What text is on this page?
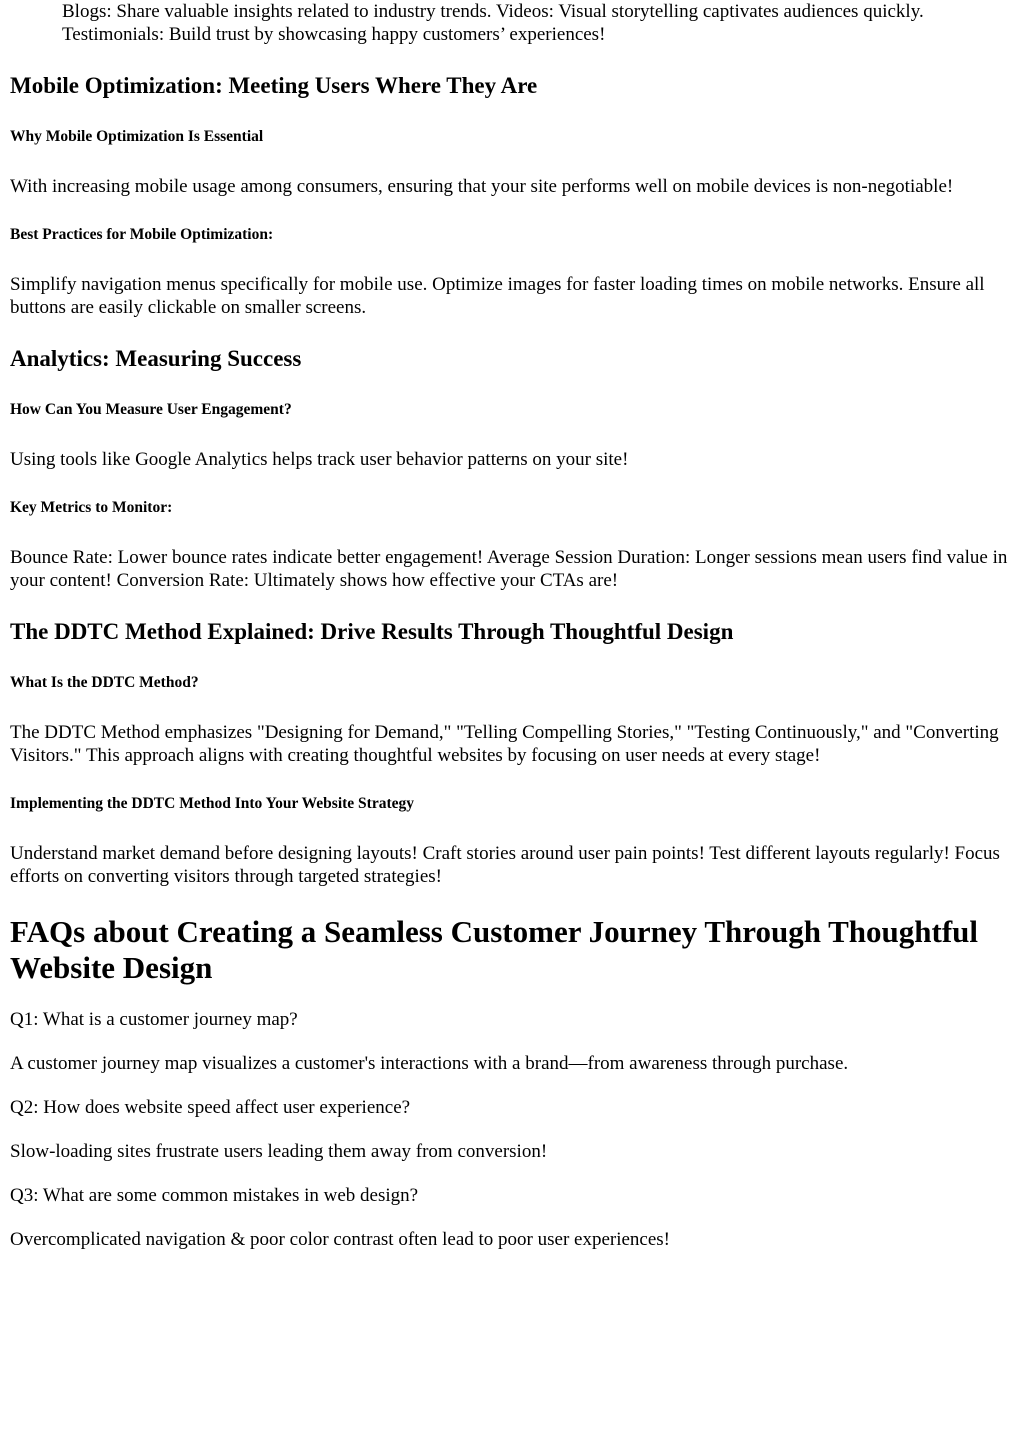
Blogs: Share valuable insights related to industry trends. Videos: Visual storytelling captivates audiences quickly.
Testimonials: Build trust by showcasing happy customers’ experiences!
Mobile Optimization: Meeting Users Where They Are
Why Mobile Optimization Is Essential

With increasing mobile usage among consumers, ensuring that your site performs well on mobile devices is non-negotiable!

Best Practices for Mobile Optimization:

Simplify navigation menus specifically for mobile use. Optimize images for faster loading times on mobile networks. Ensure all buttons are easily clickable on smaller screens.

Analytics: Measuring Success
How Can You Measure User Engagement?

Using tools like Google Analytics helps track user behavior patterns on your site!

Key Metrics to Monitor:

Bounce Rate: Lower bounce rates indicate better engagement! Average Session Duration: Longer sessions mean users find value in your content! Conversion Rate: Ultimately shows how effective your CTAs are!

The DDTC Method Explained: Drive Results Through Thoughtful Design
What Is the DDTC Method?

The DDTC Method emphasizes "Designing for Demand," "Telling Compelling Stories," "Testing Continuously," and "Converting Visitors." This approach aligns with creating thoughtful websites by focusing on user needs at every stage!

Implementing the DDTC Method Into Your Website Strategy

Understand market demand before designing layouts! Craft stories around user pain points! Test different layouts regularly! Focus efforts on converting visitors through targeted strategies!

FAQs about Creating a Seamless Customer Journey Through Thoughtful Website Design

Q1: What is a customer journey map?

A customer journey map visualizes a customer's interactions with a brand—from awareness through purchase.

Q2: How does website speed affect user experience?

Slow-loading sites frustrate users leading them away from conversion!

Q3: What are some common mistakes in web design?

Overcomplicated navigation & poor color contrast often lead to poor user experiences!
